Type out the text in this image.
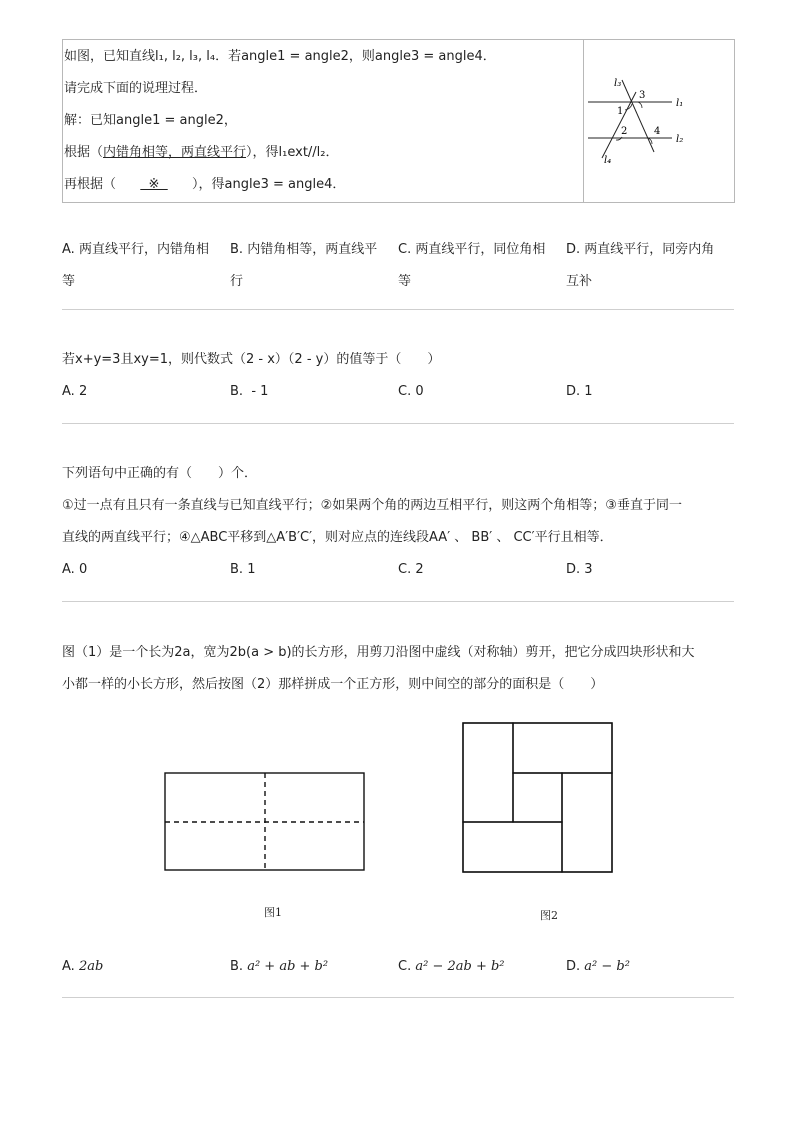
如图，已知直线l₁, l₂, l₃, l₄．若angle1 = angle2，则angle3 = angle4．
请完成下面的说理过程．
解：已知angle1 = angle2，
根据（内错角相等，两直线平行），得l₁ext//l₂．
再根据（  ※  ），得angle3 = angle4．
l₁
l₂
l₃
l₄
1
2
3
4
A. 两直线平行，内错角相等
B. 内错角相等，两直线平行
C. 两直线平行，同位角相等
D. 两直线平行，同旁内角互补
若x+y=3且xy=1，则代数式（2 - x）（2 - y）的值等于（　　）
A. 2	B.  - 1	C. 0	D. 1
下列语句中正确的有（　　）个．
①过一点有且只有一条直线与已知直线平行；②如果两个角的两边互相平行，则这两个角相等；③垂直于同一
直线的两直线平行；④△ABC平移到△A′B′C′，则对应点的连线段AA′ 、 BB′ 、 CC′平行且相等．
A. 0	B. 1	C. 2	D. 3
图（1）是一个长为2a，宽为2b(a > b)的长方形，用剪刀沿图中虚线（对称轴）剪开，把它分成四块形状和大
小都一样的小长方形，然后按图（2）那样拼成一个正方形，则中间空的部分的面积是（　　）
图1	图2
A. 2ab	B. a² + ab + b²	C. a² − 2ab + b²	D. a² − b²
